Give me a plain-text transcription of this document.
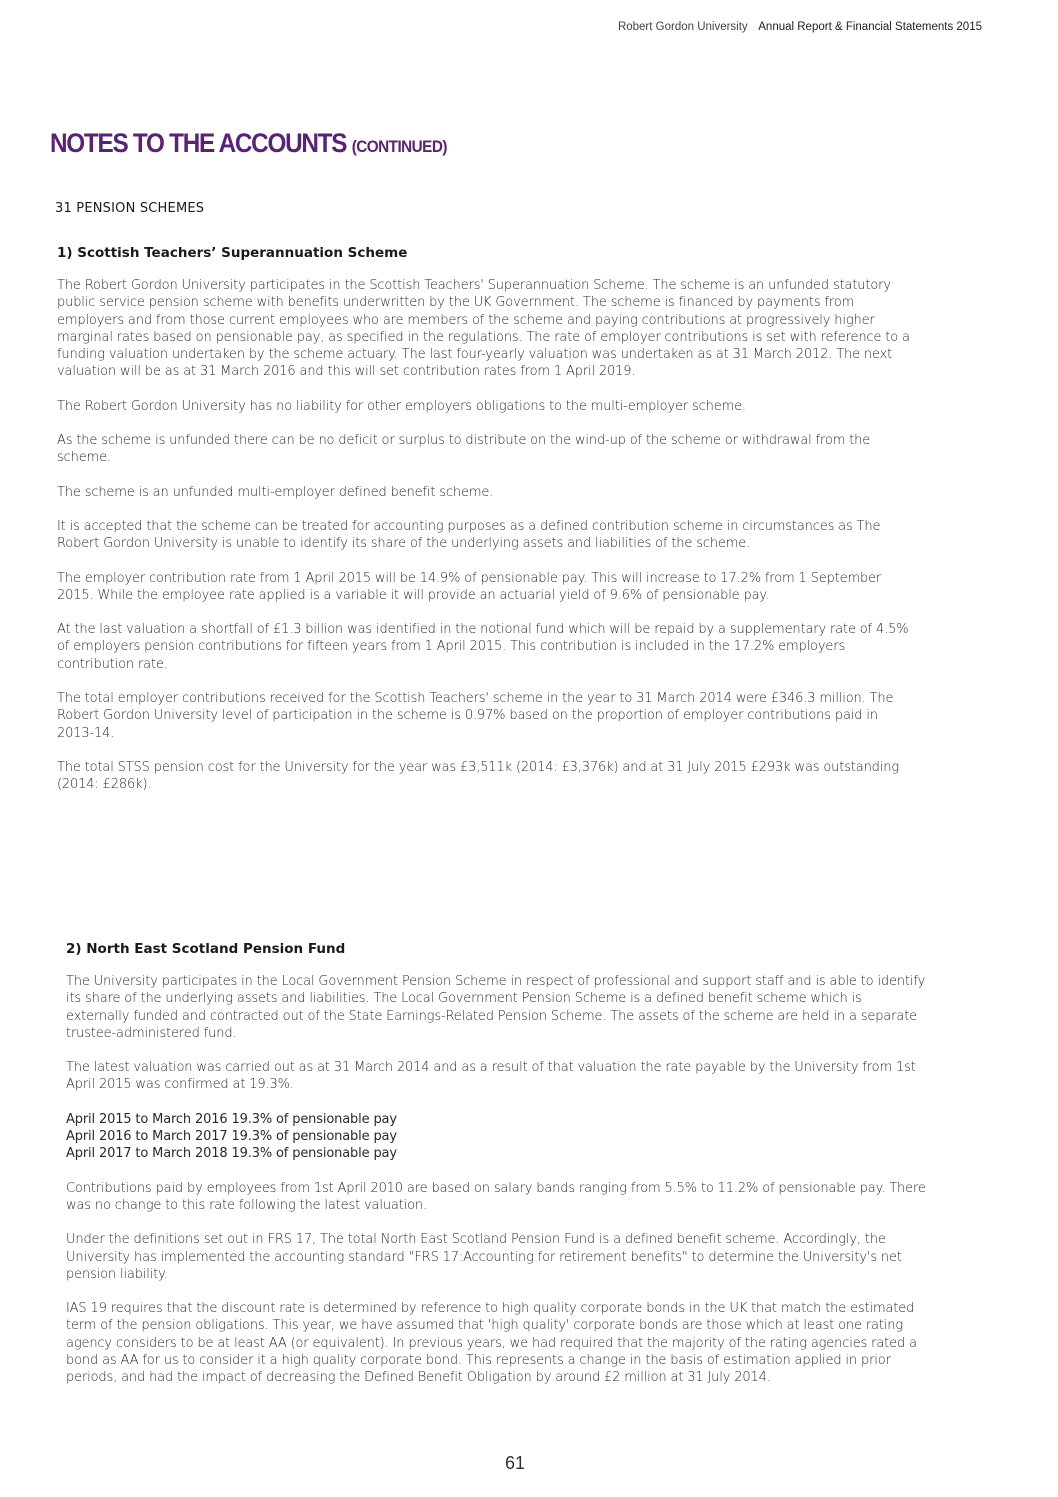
Robert Gordon University Annual Report & Financial Statements 2015
NOTES TO THE ACCOUNTS (CONTINUED)
31 PENSION SCHEMES
1) Scottish Teachers’ Superannuation Scheme

The Robert Gordon University participates in the Scottish Teachers' Superannuation Scheme. The scheme is an unfunded statutory public service pension scheme with benefits underwritten by the UK Government. The scheme is financed by payments from employers and from those current employees who are members of the scheme and paying contributions at progressively higher marginal rates based on pensionable pay, as specified in the regulations. The rate of employer contributions is set with reference to a funding valuation undertaken by the scheme actuary. The last four-yearly valuation was undertaken as at 31 March 2012. The next valuation will be as at 31 March 2016 and this will set contribution rates from 1 April 2019.

The Robert Gordon University has no liability for other employers obligations to the multi-employer scheme.

As the scheme is unfunded there can be no deficit or surplus to distribute on the wind-up of the scheme or withdrawal from the scheme.

The scheme is an unfunded multi-employer defined benefit scheme.

It is accepted that the scheme can be treated for accounting purposes as a defined contribution scheme in circumstances as The Robert Gordon University is unable to identify its share of the underlying assets and liabilities of the scheme.

The employer contribution rate from 1 April 2015 will be 14.9% of pensionable pay. This will increase to 17.2% from 1 September 2015. While the employee rate applied is a variable it will provide an actuarial yield of 9.6% of pensionable pay.

At the last valuation a shortfall of £1.3 billion was identified in the notional fund which will be repaid by a supplementary rate of 4.5% of employers pension contributions for fifteen years from 1 April 2015. This contribution is included in the 17.2% employers contribution rate.

The total employer contributions received for the Scottish Teachers' scheme in the year to 31 March 2014 were £346.3 million. The Robert Gordon University level of participation in the scheme is 0.97% based on the proportion of employer contributions paid in 2013-14.

The total STSS pension cost for the University for the year was £3,511k (2014: £3,376k) and at 31 July 2015 £293k was outstanding (2014: £286k).

2) North East Scotland Pension Fund

The University participates in the Local Government Pension Scheme in respect of professional and support staff and is able to identify its share of the underlying assets and liabilities. The Local Government Pension Scheme is a defined benefit scheme which is externally funded and contracted out of the State Earnings-Related Pension Scheme. The assets of the scheme are held in a separate trustee-administered fund.

The latest valuation was carried out as at 31 March 2014 and as a result of that valuation the rate payable by the University from 1st April 2015 was confirmed at 19.3%.

April 2015 to March 2016 19.3% of pensionable pay
April 2016 to March 2017 19.3% of pensionable pay
April 2017 to March 2018 19.3% of pensionable pay

Contributions paid by employees from 1st April 2010 are based on salary bands ranging from 5.5% to 11.2% of pensionable pay. There was no change to this rate following the latest valuation.

Under the definitions set out in FRS 17, The total North East Scotland Pension Fund is a defined benefit scheme. Accordingly, the University has implemented the accounting standard "FRS 17:Accounting for retirement benefits" to determine the University's net pension liability.

IAS 19 requires that the discount rate is determined by reference to high quality corporate bonds in the UK that match the estimated term of the pension obligations. This year, we have assumed that 'high quality' corporate bonds are those which at least one rating agency considers to be at least AA (or equivalent). In previous years, we had required that the majority of the rating agencies rated a bond as AA for us to consider it a high quality corporate bond. This represents a change in the basis of estimation applied in prior periods, and had the impact of decreasing the Defined Benefit Obligation by around £2 million at 31 July 2014.

61
